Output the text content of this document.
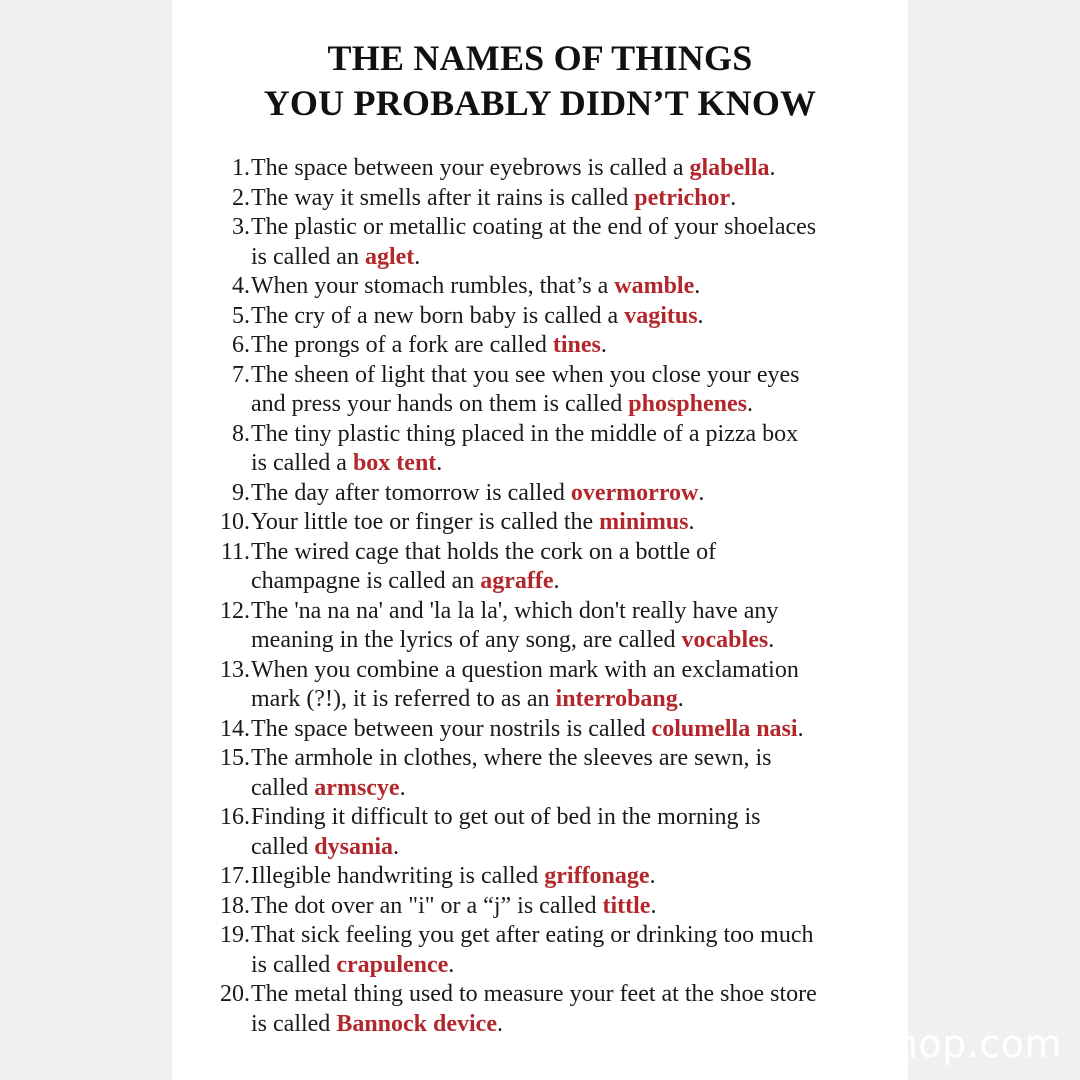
THE NAMES OF THINGS
YOU PROBABLY DIDN’T KNOW
1. The space between your eyebrows is called a glabella.
2. The way it smells after it rains is called petrichor.
3. The plastic or metallic coating at the end of your shoelaces
is called an aglet.
4. When your stomach rumbles, that’s a wamble.
5. The cry of a new born baby is called a vagitus.
6. The prongs of a fork are called tines.
7. The sheen of light that you see when you close your eyes
and press your hands on them is called phosphenes.
8. The tiny plastic thing placed in the middle of a pizza box
is called a box tent.
9. The day after tomorrow is called overmorrow.
10. Your little toe or finger is called the minimus.
11. The wired cage that holds the cork on a bottle of
champagne is called an agraffe.
12. The 'na na na' and 'la la la', which don't really have any
meaning in the lyrics of any song, are called vocables.
13. When you combine a question mark with an exclamation
mark (?!), it is referred to as an interrobang.
14. The space between your nostrils is called columella nasi.
15. The armhole in clothes, where the sleeves are sewn, is
called armscye.
16. Finding it difficult to get out of bed in the morning is
called dysania.
17. Illegible handwriting is called griffonage.
18. The dot over an "i" or a “j” is called tittle.
19. That sick feeling you get after eating or drinking too much
is called crapulence.
20. The metal thing used to measure your feet at the shoe store
is called Bannock device.	hop.com
